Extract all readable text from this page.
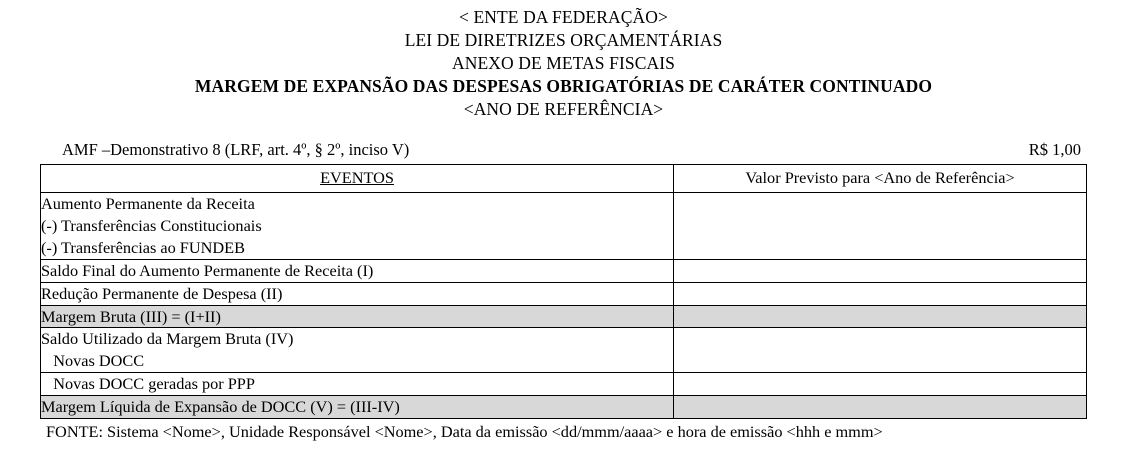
< ENTE DA FEDERAÇÃO>
LEI DE DIRETRIZES ORÇAMENTÁRIAS
ANEXO DE METAS FISCAIS
MARGEM DE EXPANSÃO DAS DESPESAS OBRIGATÓRIAS DE CARÁTER CONTINUADO
<ANO DE REFERÊNCIA>
AMF –Demonstrativo 8 (LRF, art. 4º, § 2º, inciso V)	R$ 1,00
EVENTOS	Valor Previsto para <Ano de Referência>

Aumento Permanente da Receita
(-) Transferências Constitucionais
(-) Transferências ao FUNDEB	

Saldo Final do Aumento Permanente de Receita (I)	
Redução Permanente de Despesa (II)	
Margem Bruta (III) = (I+II)	

Saldo Utilizado da Margem Bruta (IV)
Novas DOCC	

Novas DOCC geradas por PPP	
Margem Líquida de Expansão de DOCC (V) = (III-IV)	
FONTE: Sistema <Nome>, Unidade Responsável <Nome>, Data da emissão <dd/mmm/aaaa> e hora de emissão <hhh e mmm>
